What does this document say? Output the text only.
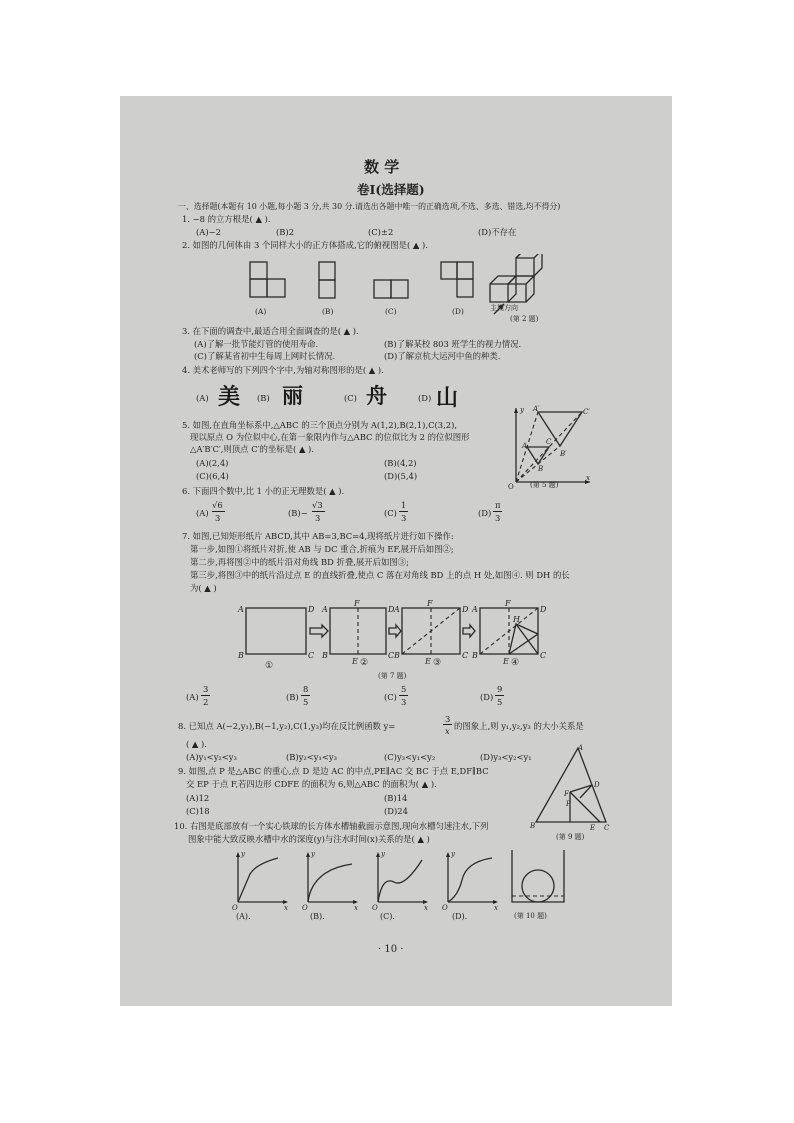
数 学
卷Ⅰ(选择题)
一、选择题(本题有 10 小题,每小题 3 分,共 30 分.请选出各题中唯一的正确选项,不选、多选、错选,均不得分)
1. −8 的立方根是( ▲ ).
(A)−2	(B)2	(C)±2	(D)不存在
2. 如图的几何体由 3 个同样大小的正方体搭成,它的俯视图是( ▲ ).
(A)	(B)	(C)	(D)	主视方向
(第 2 题)
3. 在下面的调查中,最适合用全面调查的是( ▲ ).
(A)了解一批节能灯管的使用寿命.	(B)了解某校 803 班学生的视力情况.
(C)了解某省初中生每周上网时长情况.	(D)了解京杭大运河中鱼的种类.
4. 美术老师写的下列四个字中,为轴对称图形的是( ▲ ).
(A) 美 (B) 丽	(C) 舟	(D) 山
5. 如图,在直角坐标系中,△ABC 的三个顶点分别为 A(1,2),B(2,1),C(3,2),
现以原点 O 为位似中心,在第一象限内作与△ABC 的位似比为 2 的位似图形
△A′B′C′,则顶点 C′的坐标是( ▲ ).
(A)(2,4)	(B)(4,2)
(C)(6,4)	(D)(5,4)
O
y
x
A′	C′
B′
A	C
B
(第 5 题)
6. 下面四个数中,比 1 小的正无理数是( ▲ ).
(A)
√6
3	(B)−
√3
3	(C)
1
3	(D)
π
3
7. 如图,已知矩形纸片 ABCD,其中 AB=3,BC=4,现将纸片进行如下操作:
第一步,如图①将纸片对折,使 AB 与 DC 重合,折痕为 EF,展开后如图②;
第二步,再将图②中的纸片沿对角线 BD 折叠,展开后如图③;
第三步,将图③中的纸片沿过点 E 的直线折叠,使点 C 落在对角线 BD 上的点 H 处,如图④. 则 DH 的长
为( ▲ )
A	D
B	C
A	D
B	C
F
E
A	D
B	C
F
E
A	D
B	C
F
E
H
①	②	③	④
(第 7 题)
(A)
3
2	(B)
8
5	(C)
5
3	(D)
9
5
8. 已知点 A(−2,y₁),B(−1,y₂),C(1,y₃)均在反比例函数 y=
3
x 的图象上,则 y₁,y₂,y₃ 的大小关系是
( ▲ ).
(A)y₁<y₂<y₃	(B)y₂<y₁<y₃	(C)y₃<y₁<y₂	(D)y₃<y₂<y₁
9. 如图,点 P 是△ABC 的重心,点 D 是边 AC 的中点,PE∥AC 交 BC 于点 E,DF∥BC
交 EP 于点 F,若四边形 CDFE 的面积为 6,则△ABC 的面积为( ▲ ).
(A)12	(B)14
(C)18	(D)24
A
B	C
D
F
P
E
(第 9 题)
10. 右图是底部放有一个实心铁球的长方体水槽轴截面示意图,现向水槽匀速注水,下列
图象中能大致反映水槽中水的深度(y)与注水时间(x)关系的是( ▲ )
y
x
O
y
x
O
y
x
O
y
x
O
(A).	(B).	(C).	(D).	(第 10 题)
· 10 ·
